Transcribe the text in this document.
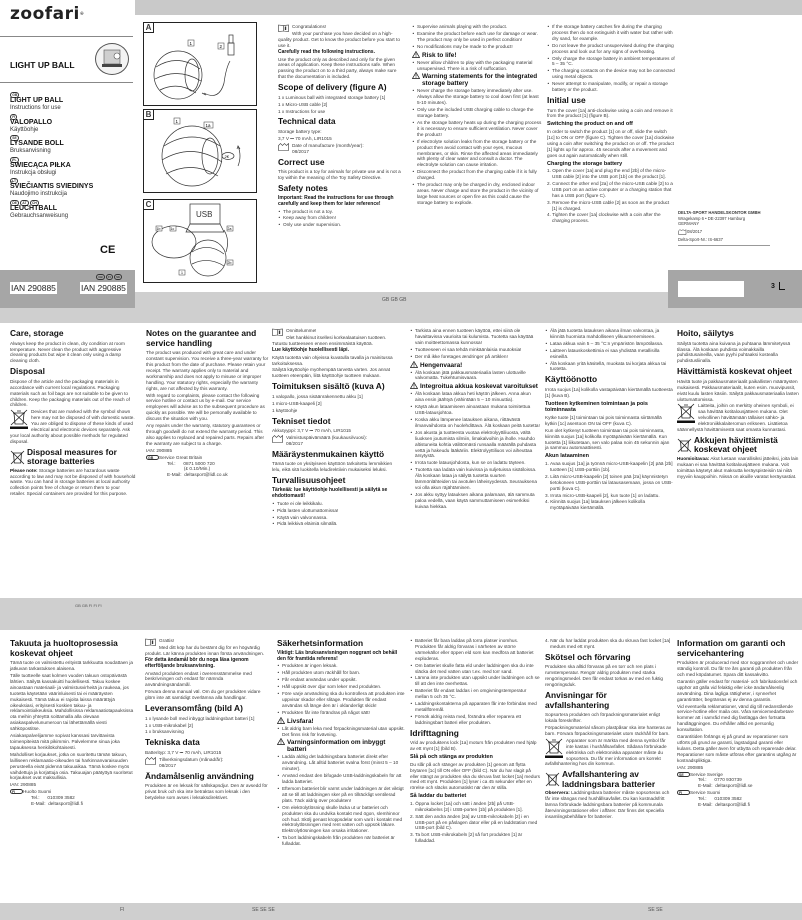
zoofari®
LIGHT UP BALL
GB
LIGHT UP BALL
Instructions for use
FI
VALOPALLO
Käyttöohje
SE
LYSANDE BOLL
Bruksanvisning
PL
ŚWIECĄCA PIŁKA
Instrukcja obsługi
LT
ŠVIEČIANTIS SVIEDINYS
Naudojimo instrukcija
DE AT CH
LEUCHTBALL
Gebrauchsanweisung
CE
IAN 290885	IAN 290885
GB FI SE
A
1
2
B
1
1a
2€
C
USB
1b	1c	2a
2b
1
Congratulations!
With your purchase you have decided on a high-quality product. Get to know the product before you start to use it.
Carefully read the following instructions.
Use the product only as described and only for the given areas of application. Keep these instructions safe. When passing the product on to a third party, always make sure that the documentation is included.
Scope of delivery (figure A)
1 x Luminous ball with integrated storage battery [1]
1 x Micro-USB cable [2]
1 x Instructions for use
Technical data
Storage battery type:
3,7 V ⎓ 70 mAh, LIR1015
Date of manufacture (month/year):
08/2017
Correct use
This product is a toy for animals for private use and is not a toy within the meaning of the Toy Safety Directive.
Safety notes
Important: Read the instructions for use through carefully and keep them for later reference!
• The product is not a toy.
• Keep away from children!
• Only use under supervision.
• Supervise animals playing with the product.
• Examine the product before each use for damage or wear. The product may only be used in perfect condition!
• No modifications may be made to the product!
Risk to life!
• Never allow children to play with the packaging material unsupervised. There is a risk of suffocation.
Warning statements for the integrated storage battery
• Never charge the storage battery immediately after use. Always allow the storage battery to cool down first (at least 5-10 minutes).
• Only use the included USB charging cable to charge the storage battery.
• As the storage battery heats up during the charging process it is necessary to ensure sufficient ventilation. Never cover the product!
• If electrolyte solution leaks from the storage battery or the product then avoid contact with your eyes, mucous membranes, or skin. Rinse the affected areas immediately with plenty of clear water and consult a doctor. The electrolyte solution can cause irritation.
• Disconnect the product from the charging cable if it is fully charged.
• The product may only be charged in dry, enclosed indoor areas. Never charge and store the product in the vicinity of large heat sources or open fire as this could cause the storage battery to explode.
• If the storage battery catches fire during the charging process then do not extinguish it with water but rather with dry sand, for example.
• Do not leave the product unsupervised during the charging process and look out for any signs of overheating.
• Only charge the storage battery in ambient temperatures of 5 – 35 °C.
• The charging contacts on the device may not be connected using metal objects.
• Never attempt to manipulate, modify, or repair a storage battery or the product.
Initial use
Turn the cover [1a] anti-clockwise using a coin and remove it from the product [1] (figure B).
Switching the product on and off
In order to switch the product [1] on or off, slide the switch [1c] to ON or OFF (figure C). Tighten the cover [1a] clockwise using a coin after switching the product on or off. The product [1] lights up for approx. 45 seconds after a movement and goes out again automatically when still.
Charging the storage battery
1. Open the cover [1a] and plug the end [2b] of the micro-USB cable [2] into the USB port [1b] on the product [1].
2. Connect the other end [2a] of the micro-USB cable [2] to a USB port on an active computer or a charging station that has a USB port (figure C).
3. Remove the micro-USB cable [2] as soon as the product [1] is charged.
4. Tighten the cover [1a] clockwise with a coin after the charging process.
DELTA-SPORT HANDELSKONTOR GMBH
Wragekamp 6 • DE-22397 Hamburg
GERMANY
08/2017
Delta-Sport-Nr.: IS-6637
3
GB GB GB
Care, storage
Always keep the product in clean, dry condition at room temperature. Never clean the product with aggressive cleaning products but wipe it clean only using a damp cleaning cloth.
Disposal
Dispose of the article and the packaging materials in accordance with current local regulations. Packaging materials such as foil bags are not suitable to be given to children. Keep the packaging materials out of the reach of children.
Devices that are marked with the symbol shown here may not be disposed of with domestic waste. You are obliged to dispose of these kinds of used electrical and electronic devices separately. Ask your local authority about possible methods for regulated disposal.
Disposal measures for storage batteries
Please note: Storage batteries are hazardous waste according to law and may not be disposed of with household waste. You can hand in storage batteries at local authority collection points free of charge or return them to your retailer. Special containers are provided for this purpose.
Notes on the guarantee and service handling
The product was produced with great care and under constant supervision. You receive a three-year warranty for this product from the date of purchase. Please retain your receipt. The warranty applies only to material and workmanship and does not apply to misuse or improper handling. Your statutory rights, especially the warranty rights, are not affected by this warranty.
With regard to complaints, please contact the following service hotline or contact us by e-mail. Our service employees will advise as to the subsequent procedure as quickly as possible. We will be personally available to discuss the situation with you.
Any repairs under the warranty, statutory guarantees or through goodwill do not extend the warranty period. This also applies to replaced and repaired parts. Repairs after the warranty are subject to a charge.
IAN: 290885
GB	Service Great Britain
Tel.:      0871 5000 720
(£ 0.10/Min.)
E-Mail:  deltasport@lidl.co.uk
Onnittelumme!
Olet hankkinut itsellesi korkealaatuisen tuotteen. Tutustu tuotteeseen ennen ensimmäistä käyttöä.
Lue käyttöohje huolellisesti läpi.
Käytä tuotetta vain ohjeissa kuvatulla tavalla ja mainitussa tarkoituksessa.
Säilytä käyttöohje myöhempää tarvetta varten. Jos annat tuotteen eteenpäin, liitä käyttöohje tuotteen mukaan.
Toimituksen sisältö (kuva A)
1 valopallo, jossa sisäänrakennettu akku [1]
1 micro-USB-kaapeli [2]
1 käyttöohje
Tekniset tiedot
Akkutyyppi: 3,7 V ⎓ 70 mAh, LIR1015
Valmistuspäivämäärä (kuukausi/vuosi):
08/2017
Määräystenmukainen käyttö
Tämä tuote on yksityiseen käyttöön tarkoitettu lemmikkien lelu, eikä sitä luokitella leludirektiivin mukaiseksi leluksi.
Turvallisuusohjeet
Tärkeää: lue käyttöohje huolellisesti ja säilytä se ehdottomasti!
• Tuote ei ole leikkikalu.
• Pidä lasten ulottumattomissa!
• Käytä vain valvonnassa.
• Pidä leikkivä eläimiä silmällä.
• Tarkista aina ennen tuotteen käyttöä, ettei siinä ole havaittavissa vaurioita tai kulumista. Tuotetta saa käyttää vain moitteettomassa kunnossa!
• Tuotteeseen ei saa tehdä minkäänlaisia muutoksia!
• Der må ikke foretages ændringer på artiklen!
Hengenvaara!
• Älä koskaan jätä pakkausmateriaalia lasten ulottuville valvomatta. Tukehtumisvaara.
Integroitua akkua koskevat varoitukset
• Älä koskaan lataa akkua heti käytön jälkeen. Anna akun aina ensin jäähtyä (vähintään 5 – 10 minuuttia).
• Käytä akun lataamiseen ainoastaan mukana toimitettua USB-latausjohtoa.
• Koska akku lämpenee latauksen aikana, riittävästä ilmanvaihdosta on huolehdittava. Älä koskaan peitä tuotetta!
• Jos akusta ja tuotteesta vuotaa elektrolyyttiliuosta, vältä liuoksen joutumista silmiin, limakalvoihin ja iholle. Huuhdo altistuneita kohtia välittömästi runsaalla määrällä puhdasta vettä ja hakeudu lääkäriin. Elektrolyyttiliuos voi aiheuttaa ärsytystä.
• Irrota tuote latausjohdosta, kun se on ladattu täyteen.
• Tuotetta saa ladata vain kuivissa ja suljetuissa sisätiloissa. Älä koskaan lataa ja säilytä tuotetta suurten lämmönlähteiden tai avotulen läheisyydessä. Seurauksena voi olla akun räjähtäminen.
• Jos akku syttyy latauksen aikana palamaan, älä sammuta paloa vedellä, vaan käytä sammuttamiseen esimerkiksi kuivaa hiekkaa.
• Älä jätä tuotetta latauksen aikana ilman valvontaa, ja kiinnitä huomiota mahdolliseen ylikuumenemiseen.
• Lataa akkua vain 5 – 35 °C:n ympäristön lämpötilassa.
• Laitteen latauskoskettimia ei saa yhdistää metallisilla esineillä.
• Älä koskaan yritä käsitellä, muokata tai korjata akkua tai tuotetta.
Käyttöönotto
Irrota suojus [1a] kolikolla vastapäivään kiertämällä tuotteesta [1] (kuva B).
Tuotteen kytkeminen toimintaan ja pois toiminnasta
Kytke tuote [1] toimintaan tai pois toiminnasta siirtämällä kytkin [1c] asentoon ON tai OFF (kuva C).
Kun olet kytkenyt tuotteen toimintaan tai pois toiminnasta, kiinnitä suojus [1a] kolikolla myötäpäivään kiertämällä. Kun tuotetta [1] liikutetaan, sen valo palaa noin 45 sekunnin ajan ja sammuu automaattisesti.
Akun lataaminen
1. Avaa suojus [1a] ja työnnä micro-USB-kaapelin [2] pää [2b] tuotteen [1] USB-porttiin [1b].
2. Liitä micro-USB-kaapelin [2] toinen pää [2a] käynnistetyn tietokoneen USB-porttiin tai latausasemaan, jossa on USB-portti (kuva C).
3. Irrota micro-USB-kaapeli [2], kun tuote [1] on ladattu.
4. Kiinnitä suojus [1a] latauksen jälkeen kolikolla myötäpäivään kiertämällä.
Hoito, säilytys
Säilytä tuotetta aina kuivana ja puhtaana lämmitetyssä tilassa. Älä koskaan puhdista voimakkailla puhdistusaineilla, vaan pyyhi puhtaaksi kostealla puhdistusliinalla.
Hävittämistä koskevat ohjeet
Hävitä tuote ja pakkausmateriaalit paikallisten määräysten mukaisesti. Pakkausmateriaalit, kuten esim. muovipussit, eivät kuulu lasten käsiin. Säilytä pakkausmateriaalia lasten ulottumattomissa.
Laitteita, joihin on merkitty oheinen symboli, ei saa hävittää kotitalousjätteen mukana. Olet velvollinen hävittämään tällaiset sähkö- ja elektroniikkalaiteromun erikseen. Lisätietoa säännellystä hävittämisestä saat omasta kunnastasi.
Akkujen hävittämistä koskevat ohjeet
Huomioitavaa: Akut luetaan vaarallisiksi jätteiksi, joita lain mukaan ei saa hävittää kotitalousjätteen mukana. Voit toimittaa käytetyt akut maksutta keräyspisteisiin tai niitä myyviin kauppoihin. Niissä on akuille varatut keräysastiat.
GB GB FI FI FI
Takuuta ja huoltoprosessia koskevat ohjeet
Tämä tuote on valmistettu erityistä tarkkuutta noudattaen ja jatkuvan tarkastuksen alaisena.
Tälle tuotteelle saat kolmen vuoden takuun ostopäivästä lähtien. Säilytä kassakuitti huolellisesti. Takuu koskee ainoastaan materiaali- ja valmistusvirheitä ja raukeaa, jos tuotetta käytetään väärinluisesti tai ei määräysten mukaisesti. Tämä takuu ei rajoita laissa määrättyjä oikeuksiasi, erityisesti koskien takuu- ja reklamointioikeuksia. Mahdollisissa reklamaatiotapauksissa ota meihin yhteyttä soittamalla alla olevaan asiakaspalvelunumeroon tai lähettämällä viesti sähköpostitse.
Asiakaspalvelijamme sopivat kanssasi tarvittavista toimenpiteistä mitä pikimmin. Palvelemme sinua joka tapauksessa henkilökohtaisesti.
Mahdolliset korjaukset, jotka on suoritettu tämän takuun, lailliseen reklamaatio-oikeuden tai harkinnanvaraisuuden perusteella eivät pidennä takuuaikaa. Tämä koskee myös vaihdettuja ja korjattuja osia. Takuuajan päätyttyä suoritetut korjaukset ovat maksullisia.
IAN: 290885
FI	Huolto Suomi
Tel.:      010309 3582
E-Mail:  deltasport@lidl.fi
Grattis!
Med ditt köp har du bestämt dig för en högvärdig produkt. Lär känna produkten innan första användningen.
För detta ändamål bör du noga läsa igenom efterföljande bruksanvisning.
Använd produkten endast i överensstämmelse med beskrivningen och endast för nämnda användningsändamål.
Förvara denna manual väl. Om du ger produkten vidare glöm inte att samtidigt överlämna alla handlingar.
Leveransomfång (bild A)
1 x lysande boll med inbyggt laddningsbart batteri [1]
1 x USB-mikrokabel [2]
1 x bruksanvisning
Tekniska data
Batterityp: 3,7 V ⎓ 70 mAh, LIR1015
Tillverkningsdatum (månad/år):
08/2017
Ändamålsenlig användning
Produkten är en leksak för sällskapsdjur. Den är avsedd för privat bruk och ska inte betraktas som leksak i den betydelse som avses i leksaksdirektivet.
Säkerhetsinformation
Viktigt: Läs bruksanvisningen noggrant och behåll den för framtida referens!
• Produkten är ingen leksak.
• Håll produkten utom räckhåll för barn.
• Får endast användas under uppsikt.
• Håll uppsikt över djur som leker med produkten.
• Före varje användning ska du kontrollera att produkten inte uppvisar skador eller slitage. Produkten får endast användas så länge den är i oklanderligt skick!
• Produkten får inte förändras på något sätt!
Livsfara!
• Låt aldrig barn leka med förpackningsmaterial utan uppsikt. Det finns risk för kvävning.
Varningsinformation om inbyggt batteri
• Ladda aldrig det laddningsbara batteriet direkt efter användning. Låt alltid batteriet svalna först (minst 5 – 10 minuter).
• Använd endast den bifogade USB-laddningskabeln för att ladda batteriet.
• Eftersom batteriet blir varmt under laddningen är det viktigt att se till att laddningen sker på en tillräckligt ventilerad plats. Täck aldrig över produkten!
• Om elektrolytlösning skulle läcka ut ur batteriet och produkten ska du undvika kontakt med ögon, slemhinnor och hud. Skölj genast kroppsdelar som varit i kontakt med elektrolytlösningen med rent vatten och uppsök läkare. Elektrolytlösningen kan orsaka irritationer.
• Ta bort laddningskabeln från produkten när batteriet är fulladdat.
• Batteriet får bara laddas på torra platser inomhus. Produkten får aldrig förvaras i närheten av större värmekällor eller öppen eld som kan medföra att batteriet exploderas.
• Om batteriet skulle fatta eld under laddningen ska du inte släcka det med vatten utan t.ex. med torr sand.
• Lämna inte produkten utan uppsikt under laddningen och se till att den inte överhettas.
• Batteriet får endast laddas i en omgivningstemperatur mellan 5 och 35 °C.
• Laddningskontakterna på apparaten får inte förbindas med metallföremål.
• Försök aldrig reista med, förändra eller reparera ett laddningsbart batteri eller produkten.
Idrifttagning
Vrid av produktens lock [1a] moturs från produkten med hjälp av ett mynt [1] (bild B).
Slå på och stänga av produkten
Du slår på och stänger av produkten [1] genom att flytta brytaren [1c] till ON eller OFF (bild C). När du har slagit på eller stängt av produkten ska du skruva fast locket [1a] medurs med ett mynt. Produkten [1] lyser i ca 45 sekunder efter en rörelse och släcks automatiskt när den är stilla.
Så laddar du batteriet
1. Öppna locket [1a] och sätt i änden [2b] på USB-mikrokabelns [2] i USB-porten [1b] på produkten [1].
2. Sätt den andra änden [2a] av USB-mikrokabeln [2] i en USB-port på en påslagen dator eller på en laddstation med USB-port (bild C).
3. Ta bort USB-mikrokabeln [2] så fort produkten [1] är fulladdad.
4. När du har laddat produkten ska du skruva fast locket [1a] medurs med ett mynt.
Skötsel och förvaring
Produkten ska alltid förvaras på en torr och ren plats i rumstemperatur. Rengör aldrig produkten med starka rengöringsmedel. Den får endast torkas av med en fuktig rengöringsduk.
Anvisningar för avfallshantering
Sopsortera produkten och förpackningsmaterialet enligt lokala föreskrifter.
Förpackningsmaterial såsom plastpåsar ska inte hanteras av barn. Förvara förpackningsmaterialet utom räckhåll för barn.
Apparater som är märkta med denna symbol får inte kastas i hushållsavfallet. Sådana förbrukade elektriska och elektroniska apparater måste du sopsortera. Du får mer information om korrekt avfallshantering hos din kommun.
Avfallshantering av laddningsbara batterier
Observera: Laddningsbara batterier måste sopsorteras och får inte slängas med hushållsavfallet. Du kan kostnadsfritt lämna förbrukade laddningsbara batterier på kommunala återvinningsstationer eller i affärer. Där finns det speciella insamlingsbehållare för batterier.
Information om garanti och servicehantering
Produkten är producerad med stor noggrannhet och under ständig kontroll. Du får tre års garanti på produkten från och med köpdatumet. Spara ditt kassakvitto.
Garantin gäller endast för material- och fabrikationsfel och upphör att gälla vid felaktig eller icke ändamålsenlig användning. Dina lagliga rättigheter, i synnerhet garantirätter, begränsas ej av denna garantin.
Vid eventuella reklamationer, vänd dig till nedanstående service-hotline eller maila oss. Våra servicemedarbetare kommer att i samråd med dig fastlägga den fortsatta handläggningen. Du erhåller alltid en personlig konsultation.
Garantitiden förlängs ej på grund av reparationer som utförts på grund av garanti, lagstadgad garanti eller kulans. Detta gäller även för utbytta och reparerade delar. Reparationer som måste utföras efter garantins utgång är kostnadspliktiga.
IAN: 290885
SE	Service Sverige
Tel.:      0770 930739
E-Mail:  deltasport@lidl.se
FI	Service Suomi
Tel.:      010309 3582
E-Mail:  deltasport@lidl.fi
FI	SE SE SE	SE SE
